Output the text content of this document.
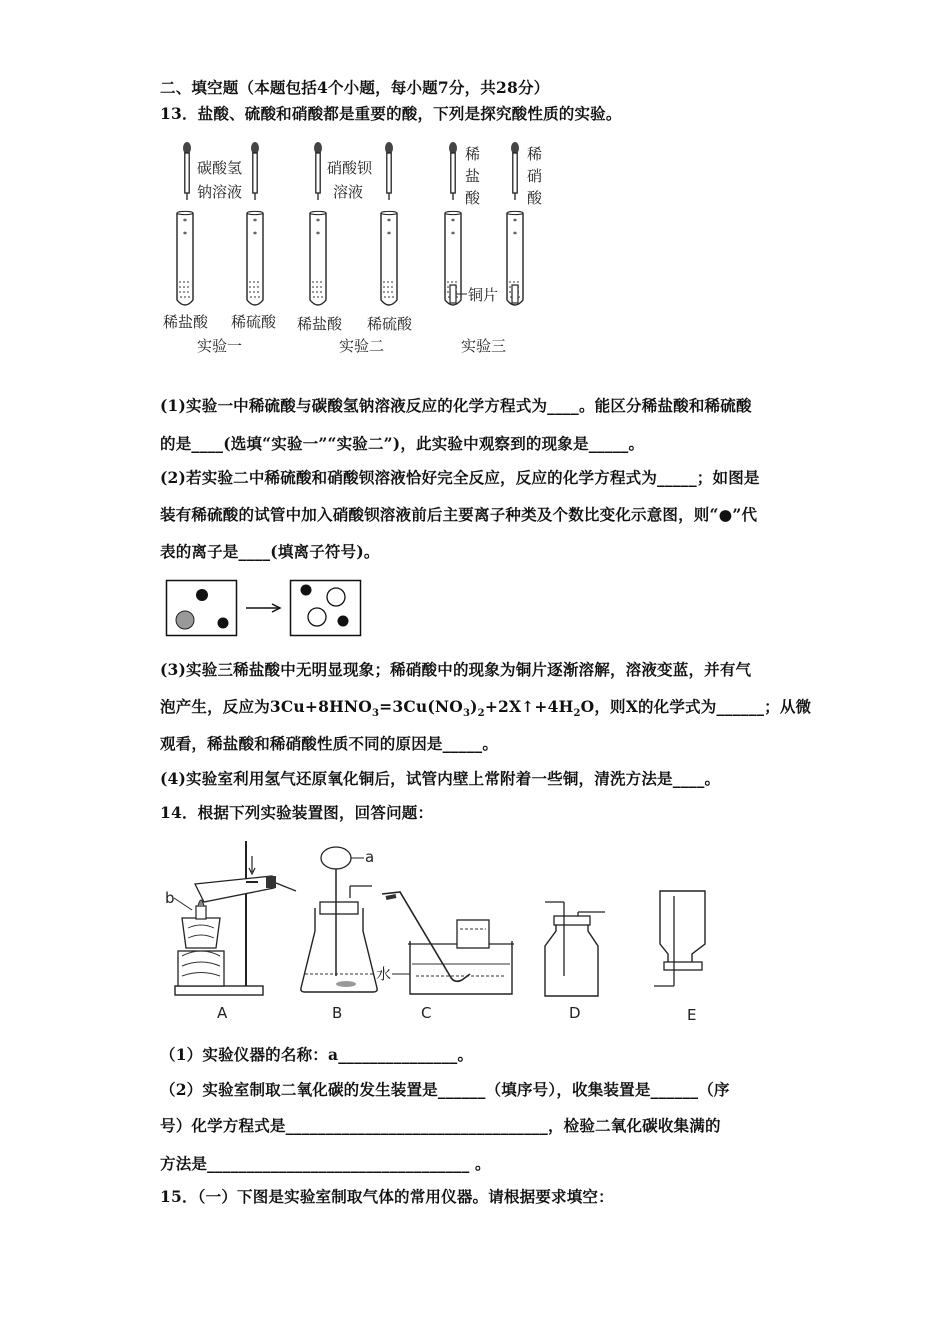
二、填空题（本题包括4个小题，每小题7分，共28分）
13．盐酸、硫酸和硝酸都是重要的酸，下列是探究酸性质的实验。
碳酸氢
钠溶液
稀盐酸 稀硫酸
实验一
硝酸钡
溶液
稀盐酸 稀硫酸
实验二
稀
盐
酸
稀
硝
酸
铜片
实验三
(1)实验一中稀硫酸与碳酸氢钠溶液反应的化学方程式为____。能区分稀盐酸和稀硫酸
的是____(选填“实验一”“实验二”)，此实验中观察到的现象是_____。
(2)若实验二中稀硫酸和硝酸钡溶液恰好完全反应，反应的化学方程式为_____；如图是
装有稀硫酸的试管中加入硝酸钡溶液前后主要离子种类及个数比变化示意图，则“●”代
表的离子是____(填离子符号)。
(3)实验三稀盐酸中无明显现象；稀硝酸中的现象为铜片逐渐溶解，溶液变蓝，并有气
泡产生，反应为$3Cu+8HNO_3=3Cu(NO_3)_2+2X↑+4H_2O$，则X的化学式为______；从微
观看，稀盐酸和稀硝酸性质不同的原因是_____。
(4)实验室利用氢气还原氧化铜后，试管内壁上常附着一些铜，清洗方法是____。
14．根据下列实验装置图，回答问题：
b
a
水
A	B	C	D	E
（1）实验仪器的名称：a_______________。
（2）实验室制取二氧化碳的发生装置是______（填序号），收集装置是______（序
号）化学方程式是_________________________________，检验二氧化碳收集满的
方法是_________________________________ 。
15．（一）下图是实验室制取气体的常用仪器。请根据要求填空：
